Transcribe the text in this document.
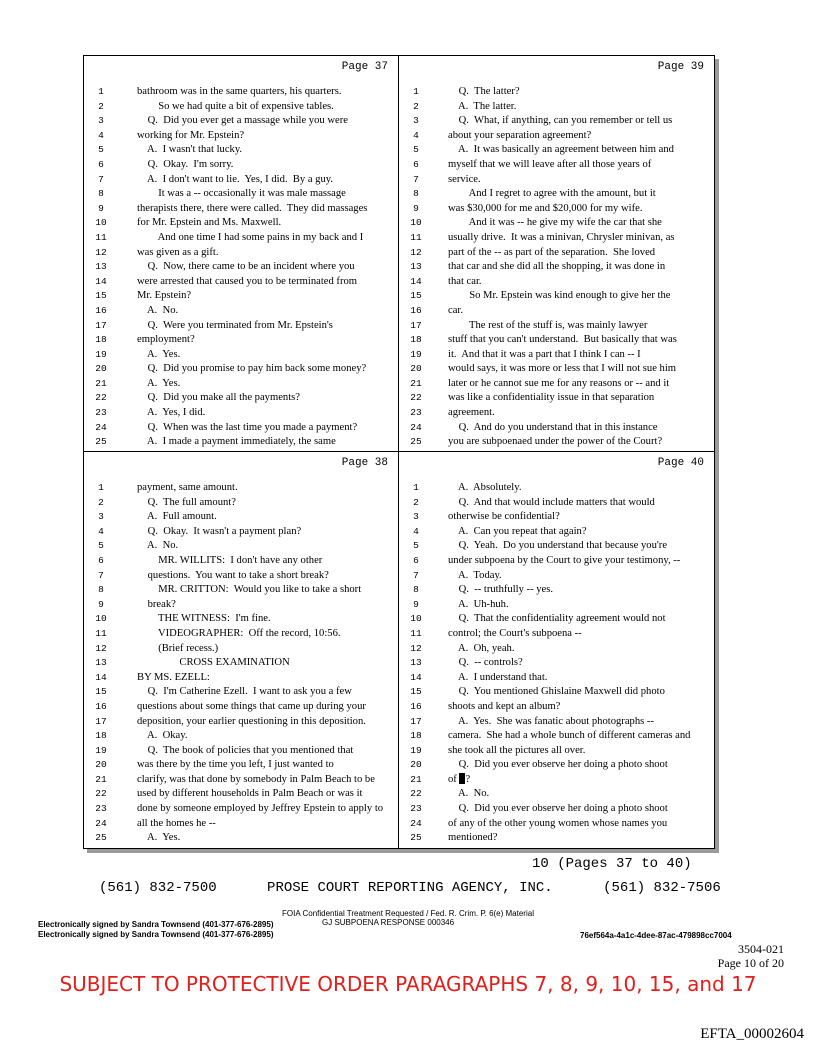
Page 37
1	bathroom was in the same quarters, his quarters.
2	So we had quite a bit of expensive tables.
3	Q.  Did you ever get a massage while you were
4	working for Mr. Epstein?
5	A.  I wasn't that lucky.
6	Q.  Okay.  I'm sorry.
7	A.  I don't want to lie.  Yes, I did.  By a guy.
8	It was a -- occasionally it was male massage
9	therapists there, there were called.  They did massages
10	for Mr. Epstein and Ms. Maxwell.
11	And one time I had some pains in my back and I
12	was given as a gift.
13	Q.  Now, there came to be an incident where you
14	were arrested that caused you to be terminated from
15	Mr. Epstein?
16	A.  No.
17	Q.  Were you terminated from Mr. Epstein's
18	employment?
19	A.  Yes.
20	Q.  Did you promise to pay him back some money?
21	A.  Yes.
22	Q.  Did you make all the payments?
23	A.  Yes, I did.
24	Q.  When was the last time you made a payment?
25	A.  I made a payment immediately, the same
Page 39
1	Q.  The latter?
2	A.  The latter.
3	Q.  What, if anything, can you remember or tell us
4	about your separation agreement?
5	A.  It was basically an agreement between him and
6	myself that we will leave after all those years of
7	service.
8	And I regret to agree with the amount, but it
9	was $30,000 for me and $20,000 for my wife.
10	And it was -- he give my wife the car that she
11	usually drive.  It was a minivan, Chrysler minivan, as
12	part of the -- as part of the separation.  She loved
13	that car and she did all the shopping, it was done in
14	that car.
15	So Mr. Epstein was kind enough to give her the
16	car.
17	The rest of the stuff is, was mainly lawyer
18	stuff that you can't understand.  But basically that was
19	it.  And that it was a part that I think I can -- I
20	would says, it was more or less that I will not sue him
21	later or he cannot sue me for any reasons or -- and it
22	was like a confidentiality issue in that separation
23	agreement.
24	Q.  And do you understand that in this instance
25	you are subpoenaed under the power of the Court?
Page 38
1	payment, same amount.
2	Q.  The full amount?
3	A.  Full amount.
4	Q.  Okay.  It wasn't a payment plan?
5	A.  No.
6	MR. WILLITS:  I don't have any other
7	questions.  You want to take a short break?
8	MR. CRITTON:  Would you like to take a short
9	break?
10	THE WITNESS:  I'm fine.
11	VIDEOGRAPHER:  Off the record, 10:56.
12	(Brief recess.)
13	CROSS EXAMINATION
14	BY MS. EZELL:
15	Q.  I'm Catherine Ezell.  I want to ask you a few
16	questions about some things that came up during your
17	deposition, your earlier questioning in this deposition.
18	A.  Okay.
19	Q.  The book of policies that you mentioned that
20	was there by the time you left, I just wanted to
21	clarify, was that done by somebody in Palm Beach to be
22	used by different households in Palm Beach or was it
23	done by someone employed by Jeffrey Epstein to apply to
24	all the homes he --
25	A.  Yes.
Page 40
1	A.  Absolutely.
2	Q.  And that would include matters that would
3	otherwise be confidential?
4	A.  Can you repeat that again?
5	Q.  Yeah.  Do you understand that because you're
6	under subpoena by the Court to give your testimony, --
7	A.  Today.
8	Q.  -- truthfully -- yes.
9	A.  Uh-huh.
10	Q.  That the confidentiality agreement would not
11	control; the Court's subpoena --
12	A.  Oh, yeah.
13	Q.  -- controls?
14	A.  I understand that.
15	Q.  You mentioned Ghislaine Maxwell did photo
16	shoots and kept an album?
17	A.  Yes.  She was fanatic about photographs --
18	camera.  She had a whole bunch of different cameras and
19	she took all the pictures all over.
20	Q.  Did you ever observe her doing a photo shoot
21	of ?
22	A.  No.
23	Q.  Did you ever observe her doing a photo shoot
24	of any of the other young women whose names you
25	mentioned?
10 (Pages 37 to 40)
(561) 832-7500	PROSE COURT REPORTING AGENCY, INC.	(561) 832-7506
FOIA Confidential Treatment Requested / Fed. R. Crim. P. 6(e) Material
Electronically signed by Sandra Townsend (401-377-676-2895)	GJ SUBPOENA RESPONSE 000346
Electronically signed by Sandra Townsend (401-377-676-2895)	76ef564a-4a1c-4dee-87ac-479898cc7004
3504-021
Page 10 of 20
SUBJECT TO PROTECTIVE ORDER PARAGRAPHS 7, 8, 9, 10, 15, and 17
EFTA_00002604
